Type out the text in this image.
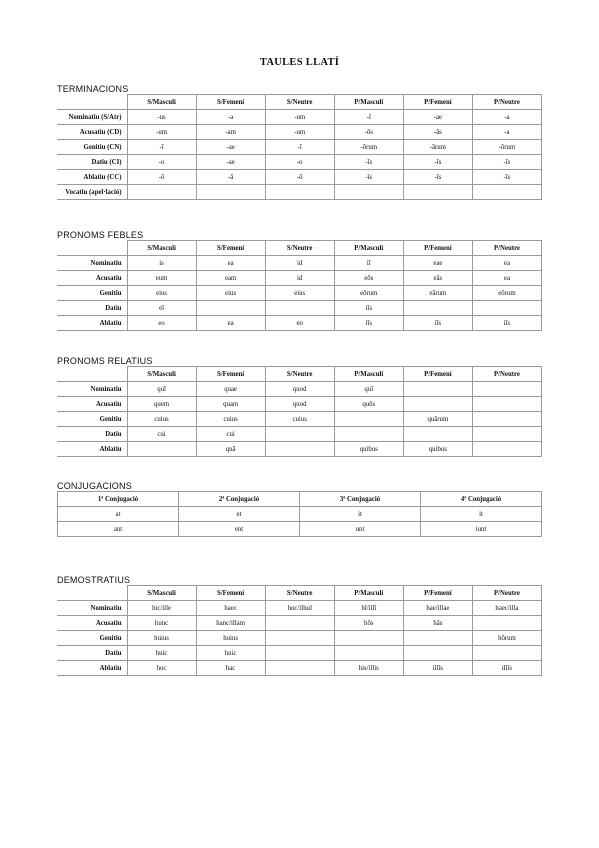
TAULES LLATÍ
TERMINACIONS
	S/Masculí	S/Femení	S/Neutre	P/Masculí	P/Femení	P/Neutre
Nominatiu (S/Atr)	-us	-a	-um	-ī	-ae	-a
Acusatiu (CD)	-um	-am	-um	-ōs	-ās	-a
Genitiu (CN)	-ī	-ae	-ī	-ōrum	-ārum	-ōrum
Datiu (CI)	-o	-ae	-o	-īs	-īs	-īs
Ablatiu (CC)	-ō	-ā	-ō	-īs	-īs	-īs
Vocatiu (apel·lació)						
PRONOMS FEBLES
	S/Masculí	S/Femení	S/Neutre	P/Masculí	P/Femení	P/Neutre
Nominatiu	is	ea	id	iī	eae	ea
Acusatiu	eum	eam	id	eōs	eās	ea
Genitiu	eius	eius	eius	eōrum	eārum	eōrum
Datiu	eī			iīs		
Ablatiu	eo	ea	eo	iīs	iīs	iīs
PRONOMS RELATIUS
	S/Masculí	S/Femení	S/Neutre	P/Masculí	P/Femení	P/Neutre
Nominatiu	quī	quae	quod	quī		
Acusatiu	quem	quam	quod	quōs		
Genitiu	cuius	cuius	cuius		quārum	
Datiu	cui	cui				
Ablatiu		quā		quibus	quibus	
CONJUGACIONS
1ª Conjugació	2ª Conjugació	3ª Conjugació	4ª Conjugació
at	et	it	it
ant	ent	unt	iunt
DEMOSTRATIUS
	S/Masculí	S/Femení	S/Neutre	P/Masculí	P/Femení	P/Neutre
Nominatiu	hic/ille	haec	hoc/illud	hī/illī	hae/illae	haec/illa
Acusatiu	hunc	hanc/illam		hōs	hās	
Genitiu	huius	huius				hōrum
Datiu	huic	huic				
Ablatiu	hoc	hac		his/illis	illīs	illīs
